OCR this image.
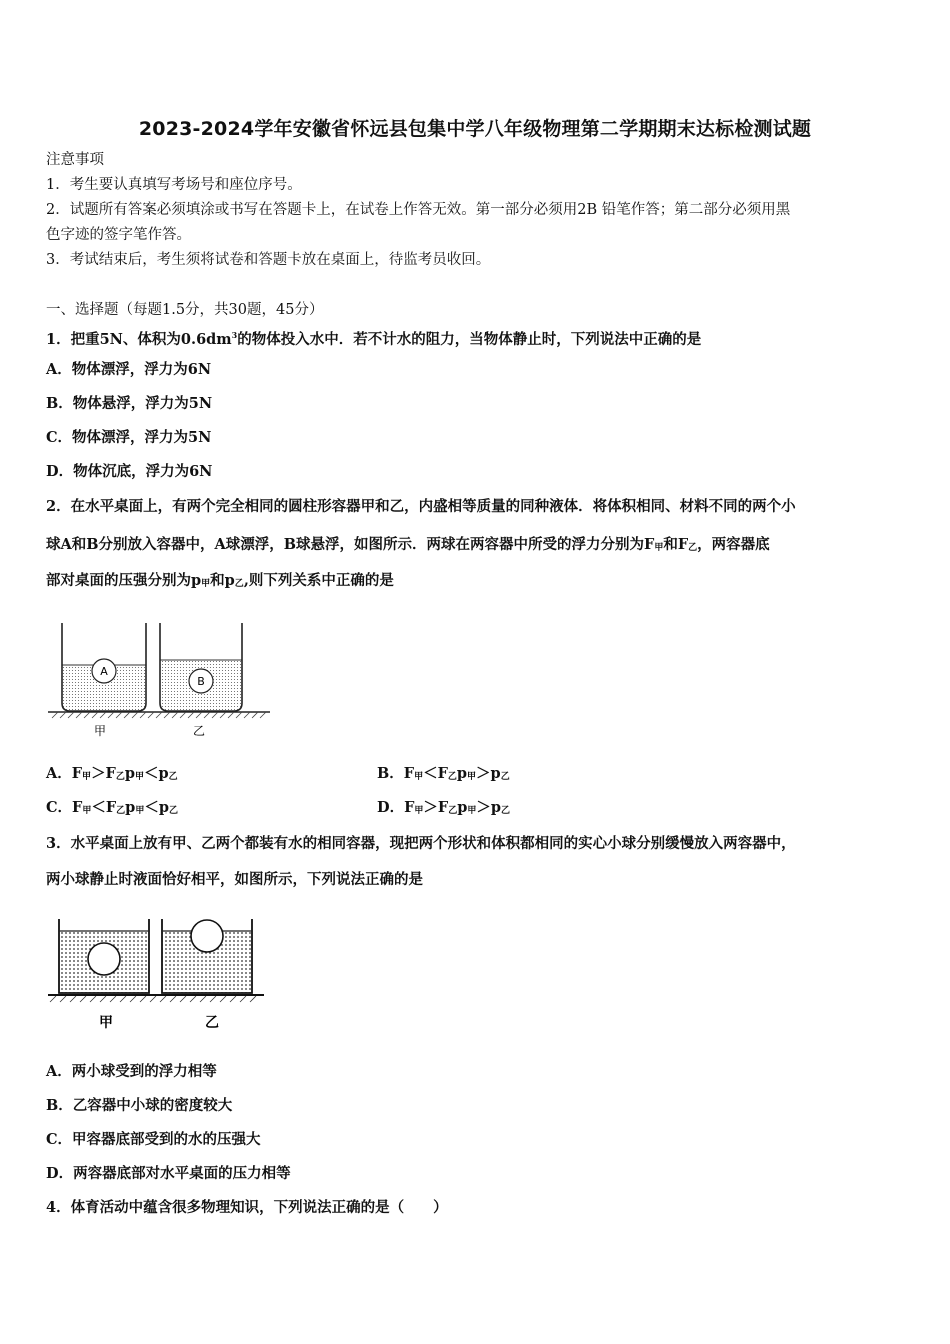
2023-2024学年安徽省怀远县包集中学八年级物理第二学期期末达标检测试题
注意事项
1．考生要认真填写考场号和座位序号。
2．试题所有答案必须填涂或书写在答题卡上，在试卷上作答无效。第一部分必须用2B 铅笔作答；第二部分必须用黑
色字迹的签字笔作答。
3．考试结束后，考生须将试卷和答题卡放在桌面上，待监考员收回。
一、选择题（每题1.5分，共30题，45分）
1．把重5N、体积为$0.6dm^3$的物体投入水中．若不计水的阻力，当物体静止时，下列说法中正确的是
A．物体漂浮，浮力为6N
B．物体悬浮，浮力为5N
C．物体漂浮，浮力为5N
D．物体沉底，浮力为6N
2．在水平桌面上，有两个完全相同的圆柱形容器甲和乙，内盛相等质量的同种液体．将体积相同、材料不同的两个小
球A和B分别放入容器中，A球漂浮，B球悬浮，如图所示．两球在两容器中所受的浮力分别为$F_甲$和$F_乙$，两容器底
部对桌面的压强分别为$p_甲$和$p_乙$,则下列关系中正确的是
A
B
甲	乙
A．$F_甲>F_乙p_甲<p_乙$	B．$F_甲<F_乙p_甲>p_乙$
C．$F_甲<F_乙p_甲<p_乙$	D．$F_甲>F_乙p_甲>p_乙$
3．水平桌面上放有甲、乙两个都装有水的相同容器，现把两个形状和体积都相同的实心小球分别缓慢放入两容器中，
两小球静止时液面恰好相平，如图所示，下列说法正确的是
甲	乙
A．两小球受到的浮力相等
B．乙容器中小球的密度较大
C．甲容器底部受到的水的压强大
D．两容器底部对水平桌面的压力相等
4．体育活动中蕴含很多物理知识，下列说法正确的是（　　）
